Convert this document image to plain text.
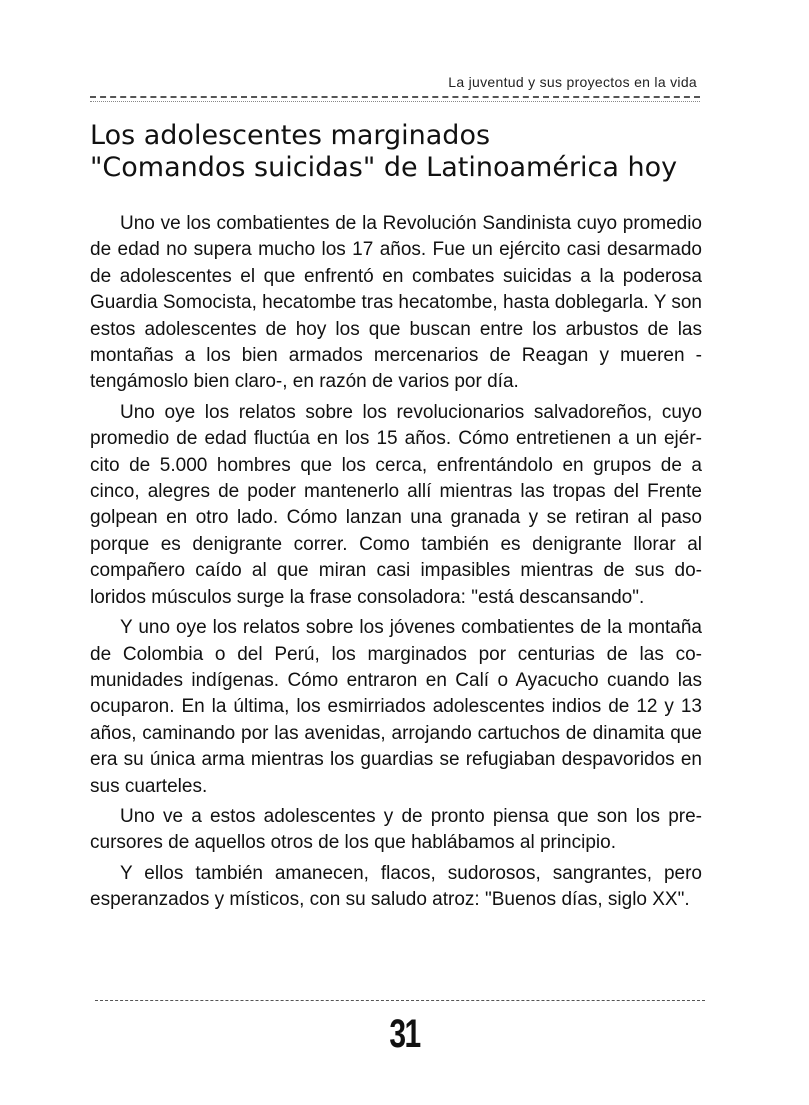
La juventud y sus proyectos en la vida
Los adolescentes marginados
"Comandos suicidas" de Latinoamérica hoy

Uno ve los combatientes de la Revolución Sandinista cuyo promedio de edad no supera mucho los 17 años. Fue un ejército casi desarmado de adolescentes el que enfrentó en combates suicidas a la poderosa Guardia Somocista, hecatombe tras hecatombe, hasta doblegarla. Y son estos adolescentes de hoy los que buscan entre los arbustos de las montañas a los bien armados mercenarios de Reagan y mueren -tengámoslo bien claro-, en razón de varios por día.

Uno oye los relatos sobre los revolucionarios salvadoreños, cuyo promedio de edad fluctúa en los 15 años. Cómo entretienen a un ejército de 5.000 hombres que los cerca, enfrentándolo en grupos de a cinco, alegres de poder mantenerlo allí mientras las tropas del Frente golpean en otro lado. Cómo lanzan una granada y se retiran al paso porque es denigrante correr. Como también es denigrante llorar al compañero caído al que miran casi impasibles mientras de sus doloridos músculos surge la frase consoladora: "está descansando".

Y uno oye los relatos sobre los jóvenes combatientes de la montaña de Colombia o del Perú, los marginados por centurias de las comunidades indígenas. Cómo entraron en Calí o Ayacucho cuando las ocuparon. En la última, los esmirriados adolescentes indios de 12 y 13 años, caminando por las avenidas, arrojando cartuchos de dinamita que era su única arma mientras los guardias se refugiaban despavoridos en sus cuarteles.

Uno ve a estos adolescentes y de pronto piensa que son los precursores de aquellos otros de los que hablábamos al principio.

Y ellos también amanecen, flacos, sudorosos, sangrantes, pero esperanzados y místicos, con su saludo atroz: "Buenos días, siglo XX".

31
